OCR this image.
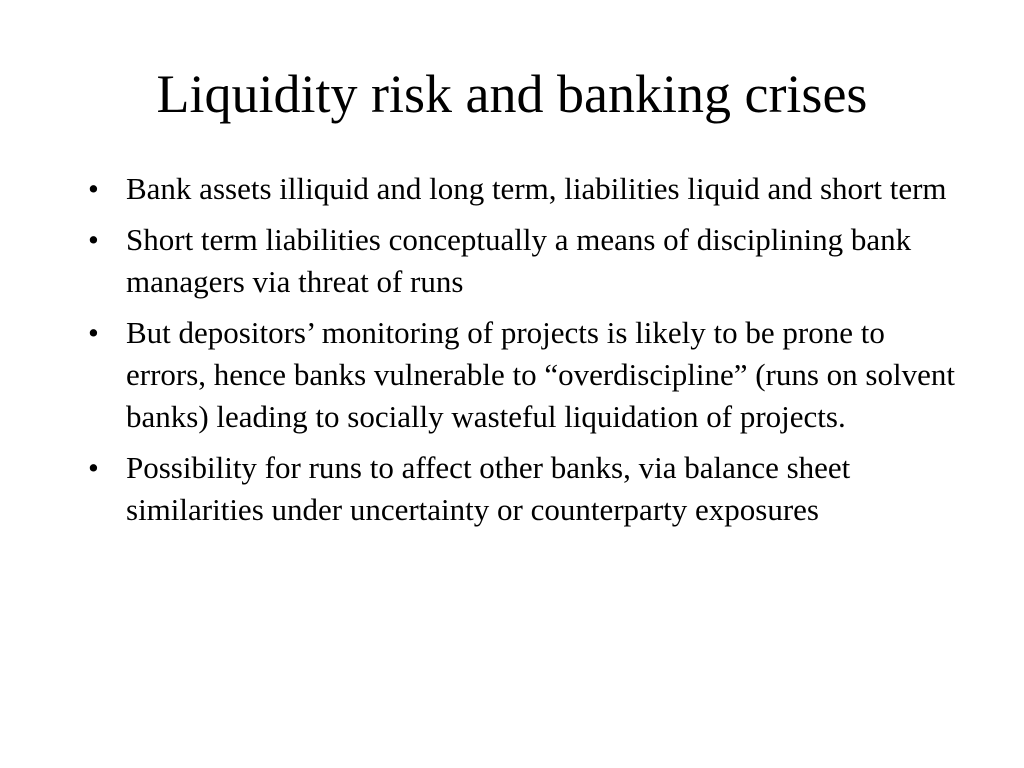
Liquidity risk and banking crises
• Bank assets illiquid and long term, liabilities liquid and short term
• Short term liabilities conceptually a means of disciplining bank managers via threat of runs
• But depositors’ monitoring of projects is likely to be prone to errors, hence banks vulnerable to “overdiscipline” (runs on solvent banks) leading to socially wasteful liquidation of projects.
• Possibility for runs to affect other banks, via balance sheet similarities under uncertainty or counterparty exposures
